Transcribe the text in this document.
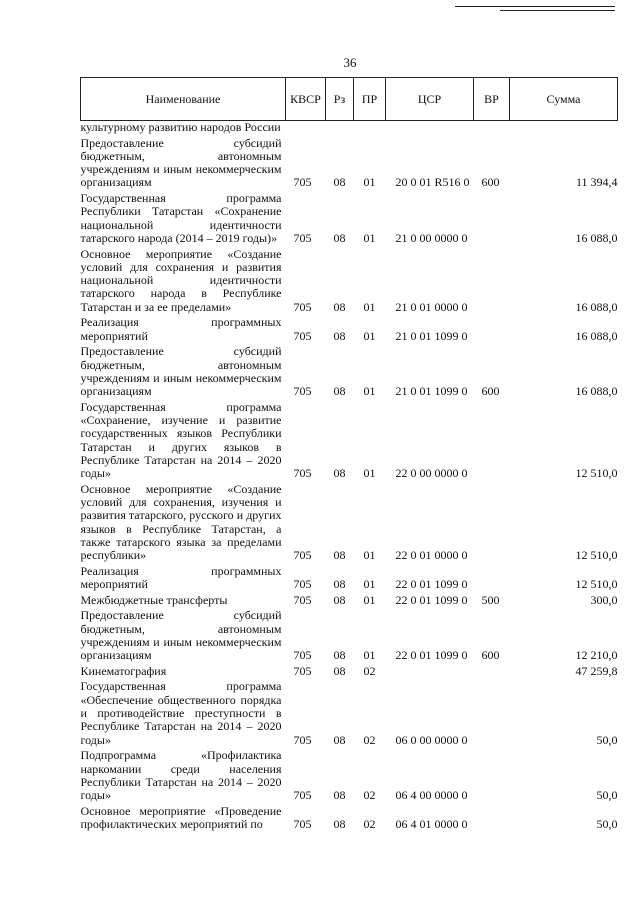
36
Наименование	КВСР	Рз	ПР	ЦСР	ВР	Сумма
культурному развитию народов России						
Предоставление субсидий бюджетным, автономным учреждениям и иным некоммерческим организациям	705	08	01	20 0 01 R516 0	600	11 394,4
Государственная программа Республики Татарстан «Сохранение национальной идентичности татарского народа (2014 – 2019 годы)»	705	08	01	21 0 00 0000 0		16 088,0
Основное мероприятие «Создание условий для сохранения и развития национальной идентичности татарского народа в Республике Татарстан и за ее пределами»	705	08	01	21 0 01 0000 0		16 088,0
Реализация программных мероприятий	705	08	01	21 0 01 1099 0		16 088,0
Предоставление субсидий бюджетным, автономным учреждениям и иным некоммерческим организациям	705	08	01	21 0 01 1099 0	600	16 088,0
Государственная программа «Сохранение, изучение и развитие государственных языков Республики Татарстан и других языков в Республике Татарстан на 2014 – 2020 годы»	705	08	01	22 0 00 0000 0		12 510,0
Основное мероприятие «Создание условий для сохранения, изучения и развития татарского, русского и других языков в Республике Татарстан, а также татарского языка за пределами республики»	705	08	01	22 0 01 0000 0		12 510,0
Реализация программных мероприятий	705	08	01	22 0 01 1099 0		12 510,0
Межбюджетные трансферты	705	08	01	22 0 01 1099 0	500	300,0
Предоставление субсидий бюджетным, автономным учреждениям и иным некоммерческим организациям	705	08	01	22 0 01 1099 0	600	12 210,0
Кинематография	705	08	02			47 259,8
Государственная программа «Обеспечение общественного порядка и противодействие преступности в Республике Татарстан на 2014 – 2020 годы»	705	08	02	06 0 00 0000 0		50,0
Подпрограмма «Профилактика наркомании среди населения Республики Татарстан на 2014 – 2020 годы»	705	08	02	06 4 00 0000 0		50,0
Основное мероприятие «Проведение профилактических мероприятий по	705	08	02	06 4 01 0000 0		50,0
